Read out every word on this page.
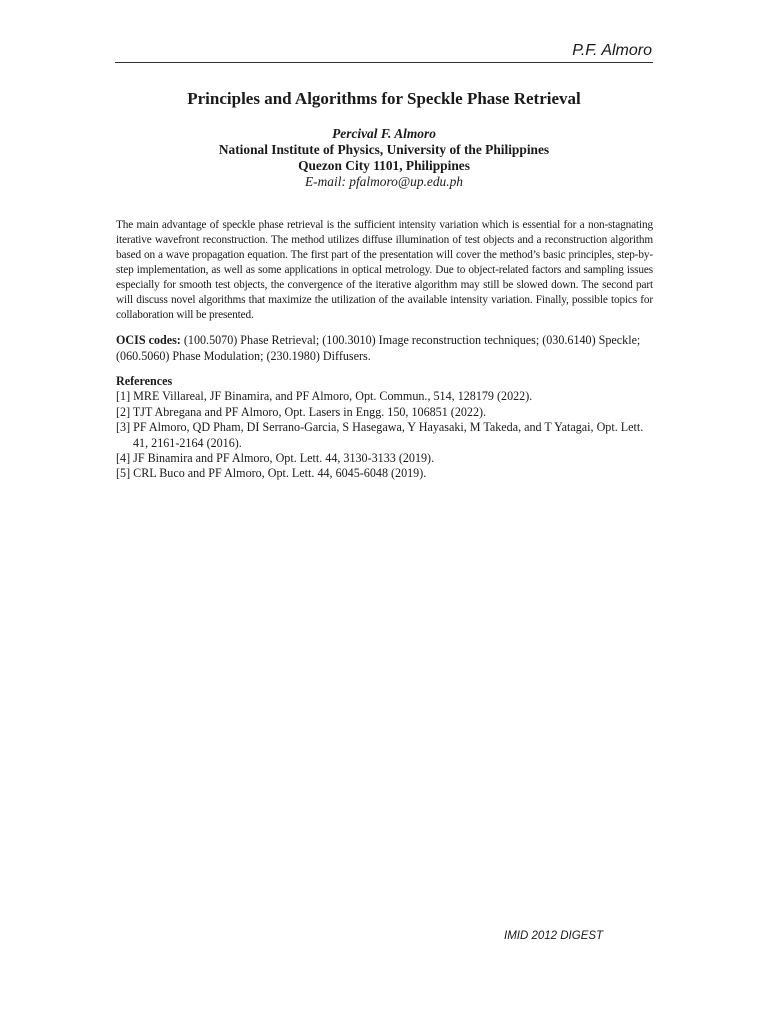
P.F. Almoro
Principles and Algorithms for Speckle Phase Retrieval
Percival F. Almoro
National Institute of Physics, University of the Philippines
Quezon City 1101, Philippines
E-mail: pfalmoro@up.edu.ph

The main advantage of speckle phase retrieval is the sufficient intensity variation which is essential for a non-stagnating iterative wavefront reconstruction. The method utilizes diffuse illumination of test objects and a reconstruction algorithm based on a wave propagation equation. The first part of the presentation will cover the method’s basic principles, step-by-step implementation, as well as some applications in optical metrology. Due to object-related factors and sampling issues especially for smooth test objects, the convergence of the iterative algorithm may still be slowed down. The second part will discuss novel algorithms that maximize the utilization of the available intensity variation. Finally, possible topics for collaboration will be presented.

OCIS codes: (100.5070) Phase Retrieval; (100.3010) Image reconstruction techniques; (030.6140) Speckle; (060.5060) Phase Modulation; (230.1980) Diffusers.

References
[1] MRE Villareal, JF Binamira, and PF Almoro, Opt. Commun., 514, 128179 (2022).
[2] TJT Abregana and PF Almoro, Opt. Lasers in Engg. 150, 106851 (2022).
[3] PF Almoro, QD Pham, DI Serrano-Garcia, S Hasegawa, Y Hayasaki, M Takeda, and T Yatagai, Opt. Lett. 41, 2161-2164 (2016).
[4] JF Binamira and PF Almoro, Opt. Lett. 44, 3130-3133 (2019).
[5] CRL Buco and PF Almoro, Opt. Lett. 44, 6045-6048 (2019).
IMID 2012 DIGEST
